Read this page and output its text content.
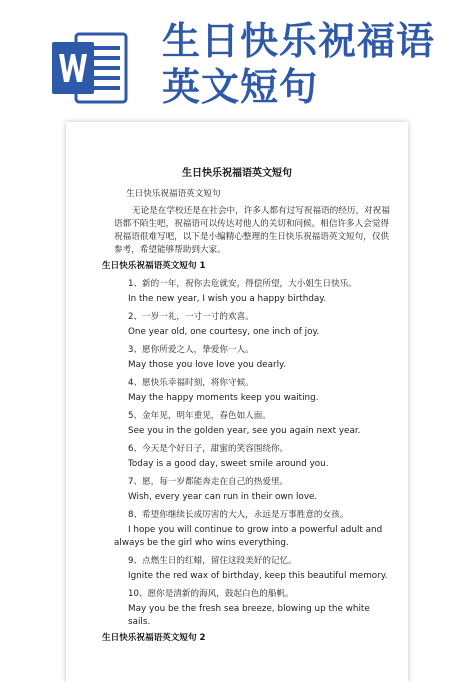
生日快乐祝福语英文短句
生日快乐祝福语英文短句

生日快乐祝福语英文短句

无论是在学校还是在社会中，许多人都有过写祝福语的经历，对祝福语都不陌生吧，祝福语可以传达对他人的关切和问候。相信许多人会觉得祝福语很难写吧，以下是小编精心整理的生日快乐祝福语英文短句，仅供参考，希望能够帮助到大家。

生日快乐祝福语英文短句 1

1、新的一年，祝你去危就安，得偿所望，大小姐生日快乐。

In the new year, I wish you a happy birthday.

2、一岁一礼，一寸一寸的欢喜。

One year old, one courtesy, one inch of joy.

3、愿你所爱之人，挚爱你一人。

May those you love love you dearly.

4、愿快乐幸福时刻，将你守候。

May the happy moments keep you waiting.

5、金年见，明年重见，春色如人面。

See you in the golden year, see you again next year.

6、今天是个好日子，甜蜜的笑容围绕你。

Today is a good day, sweet smile around you.

7、愿，每一岁都能奔走在自己的热爱里。

Wish, every year can run in their own love.

8、希望你继续长成厉害的大人，永远是万事胜意的女孩。

I hope you will continue to grow into a powerful adult and always be the girl who wins everything.

9、点燃生日的红蜡，留住这段美好的记忆。

Ignite the red wax of birthday, keep this beautiful memory.

10、愿你是清新的海风，鼓起白色的船帆。

May you be the fresh sea breeze, blowing up the white sails.

生日快乐祝福语英文短句 2
